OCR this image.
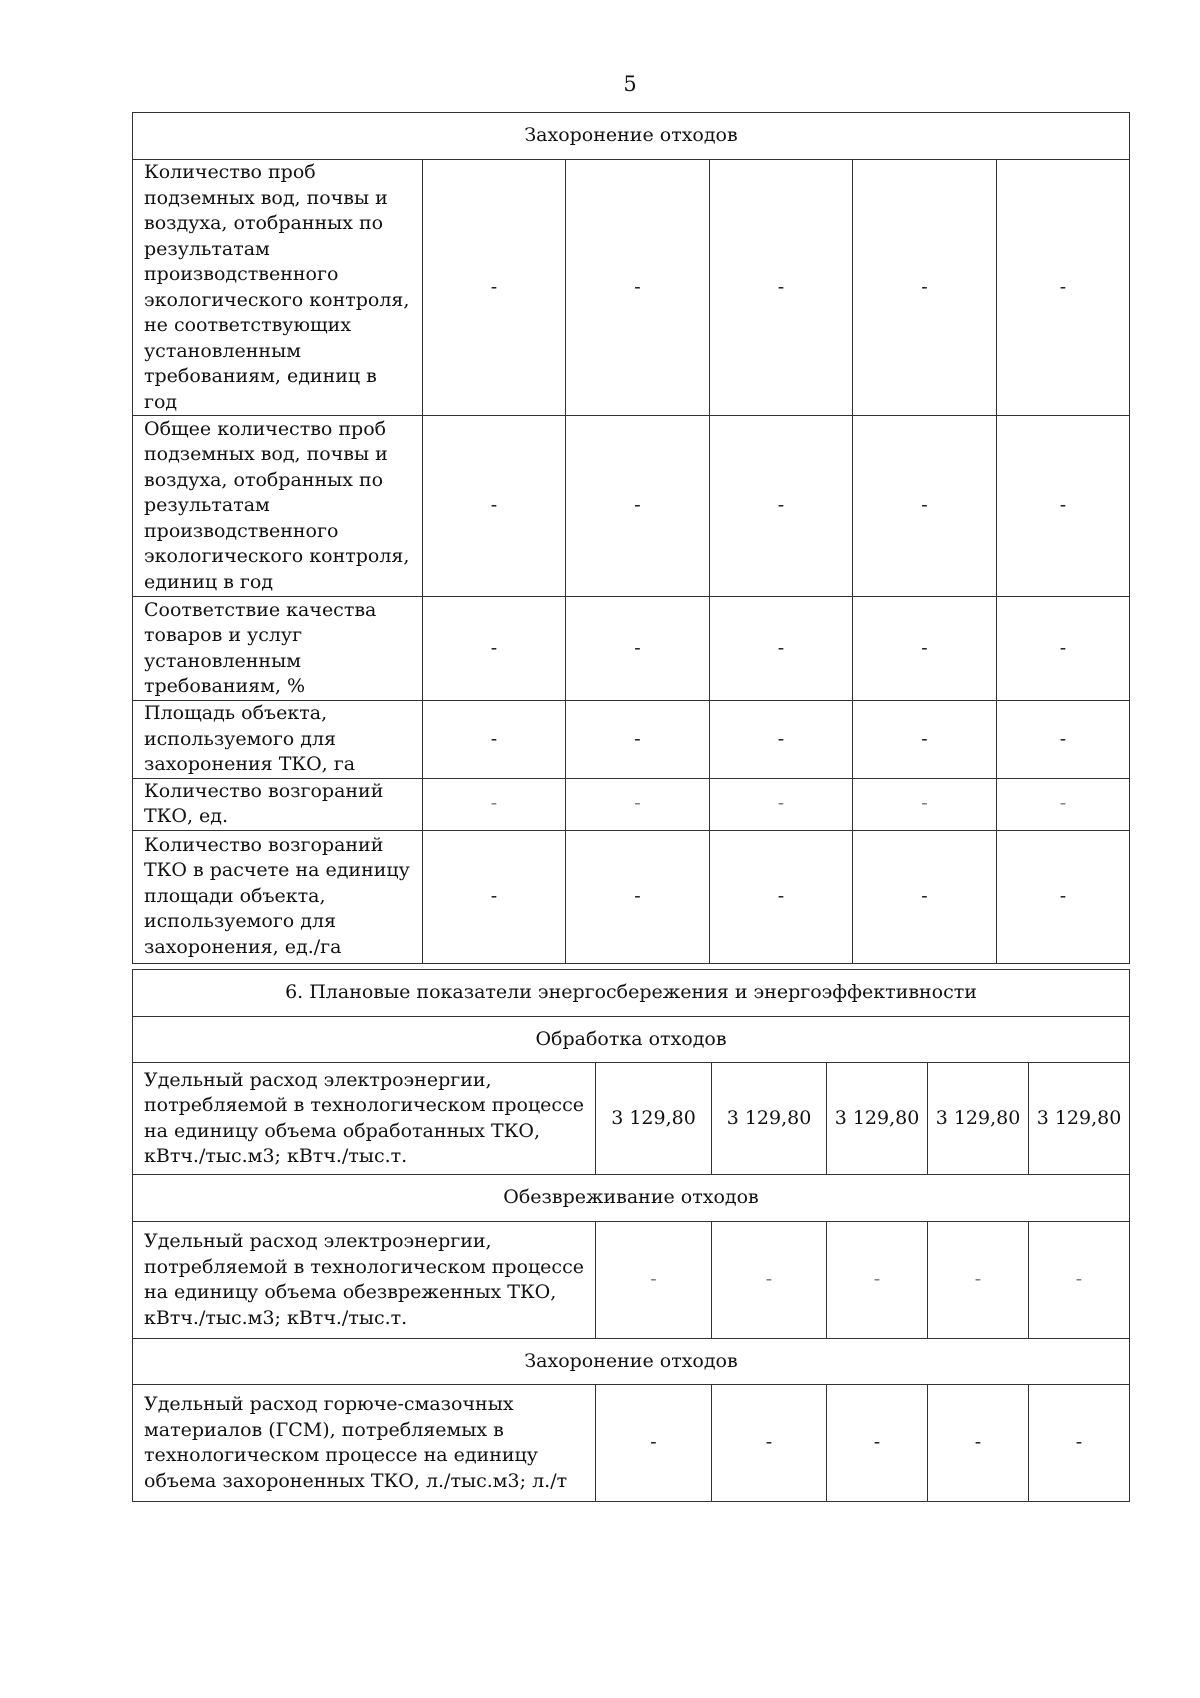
5
Захоронение отходов					
Количество проб подземных вод, почвы и воздуха, отобранных по результатам производственного экологического контроля, не соответствующих установленным требованиям, единиц в год	-	-	-	-	-
Общее количество проб подземных вод, почвы и воздуха, отобранных по результатам производственного экологического контроля, единиц в год	-	-	-	-	-
Соответствие качества товаров и услуг установленным требованиям, %	-	-	-	-	-
Площадь объекта, используемого для захоронения ТКО, га	-	-	-	-	-
Количество возгораний ТКО, ед.	-	-	-	-	-
Количество возгораний ТКО в расчете на единицу площади объекта, используемого для захоронения, ед./га	-	-	-	-	-
6. Плановые показатели энергосбережения и энергоэффективности					
Обработка отходов					
Удельный расход электроэнергии, потребляемой в технологическом процессе на единицу объема обработанных ТКО, кВтч./тыс.м3; кВтч./тыс.т.	3 129,80	3 129,80	3 129,80	3 129,80	3 129,80
Обезвреживание отходов					
Удельный расход электроэнергии, потребляемой в технологическом процессе на единицу объема обезвреженных ТКО, кВтч./тыс.м3; кВтч./тыс.т.	-	-	-	-	-
Захоронение отходов					
Удельный расход горюче-смазочных материалов (ГСМ), потребляемых в технологическом процессе на единицу объема захороненных ТКО, л./тыс.м3; л./т	-	-	-	-	-
